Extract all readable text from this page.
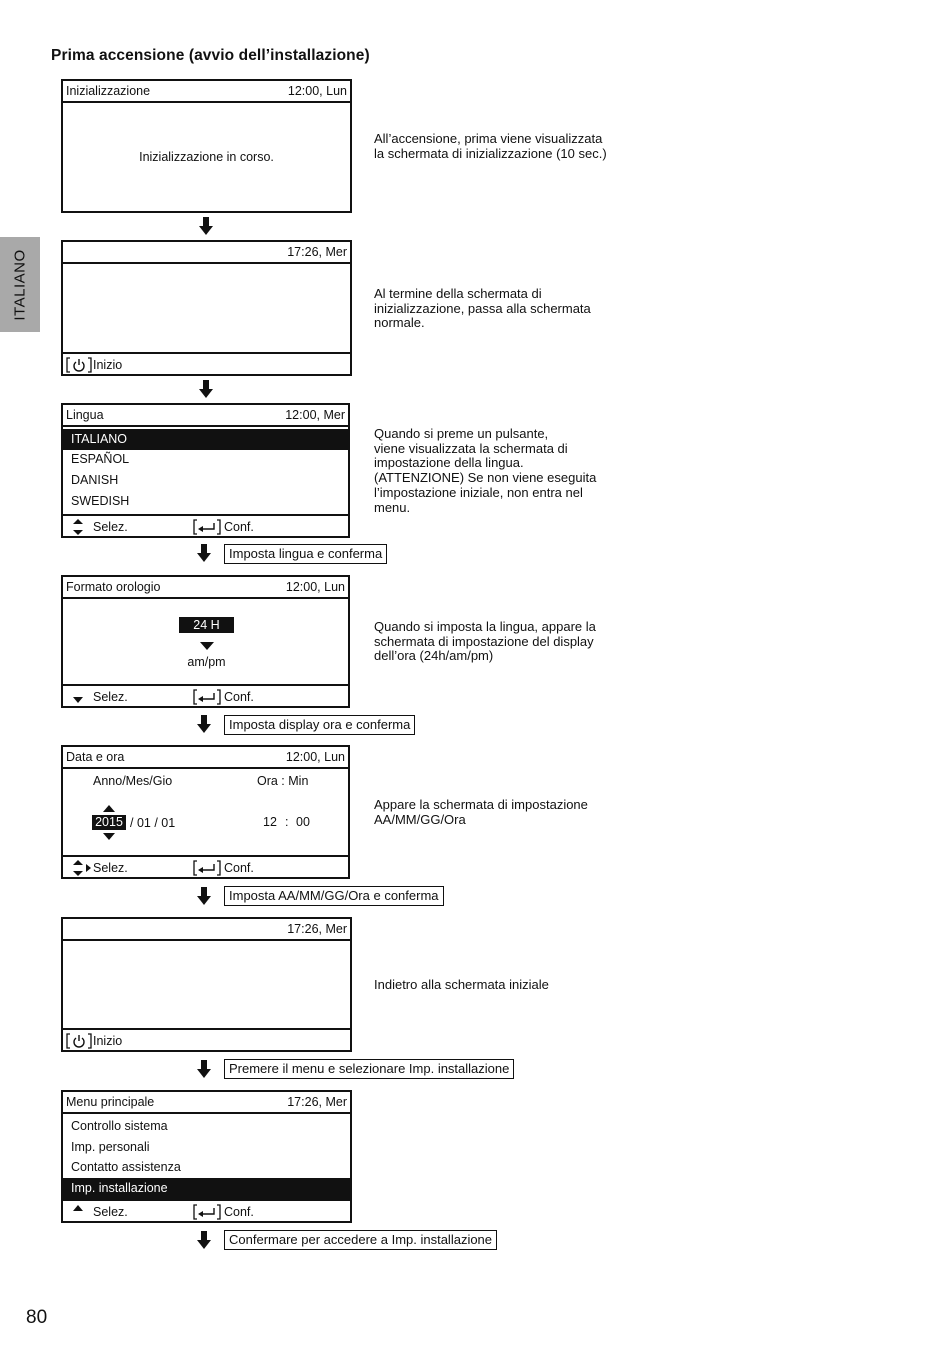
Prima accensione (avvio dell’installazione)
ITALIANO
80
Inizializzazione	12:00, Lun
Inizializzazione in corso.
All’accensione, prima viene visualizzata
la schermata di inizializzazione (10 sec.)
17:26, Mer
Inizio
Al termine della schermata di
inizializzazione, passa alla schermata
normale.
Lingua	12:00, Mer
ITALIANO
ESPAÑOL
DANISH
SWEDISH
Selez.	Conf.
Quando si preme un pulsante,
viene visualizzata la schermata di
impostazione della lingua.
(ATTENZIONE) Se non viene eseguita
l’impostazione iniziale, non entra nel
menu.
Imposta lingua e conferma
Formato orologio	12:00, Lun
24 H
am/pm
Selez.	Conf.
Quando si imposta la lingua, appare la
schermata di impostazione del display
dell’ora (24h/am/pm)
Imposta display ora e conferma
Data e ora	12:00, Lun
Anno/Mes/Gio	Ora : Min
2015 / 01 / 01	12 : 00
Selez.	Conf.
Appare la schermata di impostazione
AA/MM/GG/Ora
Imposta AA/MM/GG/Ora e conferma
17:26, Mer
Inizio
Indietro alla schermata iniziale
Premere il menu e selezionare Imp. installazione
Menu principale	17:26, Mer
Controllo sistema
Imp. personali
Contatto assistenza
Imp. installazione
Selez.	Conf.
Confermare per accedere a Imp. installazione
